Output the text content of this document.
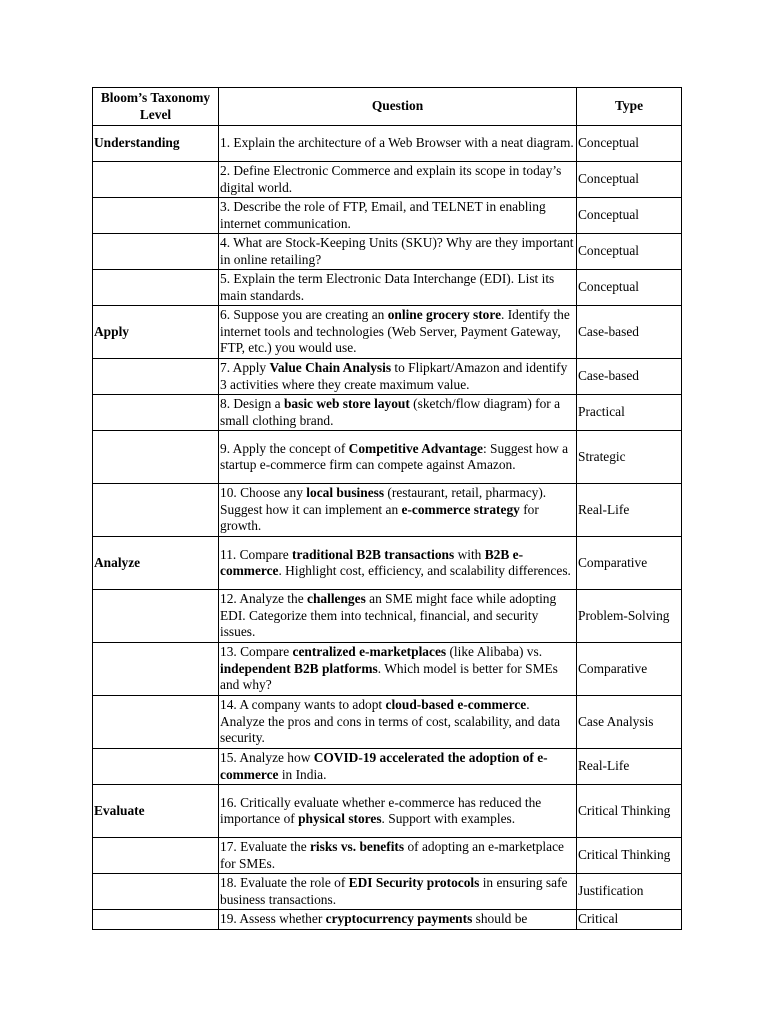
Bloom’s Taxonomy Level	Question	Type
Understanding	1. Explain the architecture of a Web Browser with a neat diagram.	Conceptual
	2. Define Electronic Commerce and explain its scope in today’s digital world.	Conceptual
	3. Describe the role of FTP, Email, and TELNET in enabling internet communication.	Conceptual
	4. What are Stock-Keeping Units (SKU)? Why are they important in online retailing?	Conceptual
	5. Explain the term Electronic Data Interchange (EDI). List its main standards.	Conceptual
Apply	6. Suppose you are creating an online grocery store. Identify the internet tools and technologies (Web Server, Payment Gateway, FTP, etc.) you would use.	Case-based
	7. Apply Value Chain Analysis to Flipkart/Amazon and identify 3 activities where they create maximum value.	Case-based
	8. Design a basic web store layout (sketch/flow diagram) for a small clothing brand.	Practical
	9. Apply the concept of Competitive Advantage: Suggest how a startup e-commerce firm can compete against Amazon.	Strategic
	10. Choose any local business (restaurant, retail, pharmacy). Suggest how it can implement an e-commerce strategy for growth.	Real-Life
Analyze	11. Compare traditional B2B transactions with B2B e-commerce. Highlight cost, efficiency, and scalability differences.	Comparative
	12. Analyze the challenges an SME might face while adopting EDI. Categorize them into technical, financial, and security issues.	Problem-Solving
	13. Compare centralized e-marketplaces (like Alibaba) vs. independent B2B platforms. Which model is better for SMEs and why?	Comparative
	14. A company wants to adopt cloud-based e-commerce. Analyze the pros and cons in terms of cost, scalability, and data security.	Case Analysis
	15. Analyze how COVID-19 accelerated the adoption of e-commerce in India.	Real-Life
Evaluate	16. Critically evaluate whether e-commerce has reduced the importance of physical stores. Support with examples.	Critical Thinking
	17. Evaluate the risks vs. benefits of adopting an e-marketplace for SMEs.	Critical Thinking
	18. Evaluate the role of EDI Security protocols in ensuring safe business transactions.	Justification
	19. Assess whether cryptocurrency payments should be	Critical
